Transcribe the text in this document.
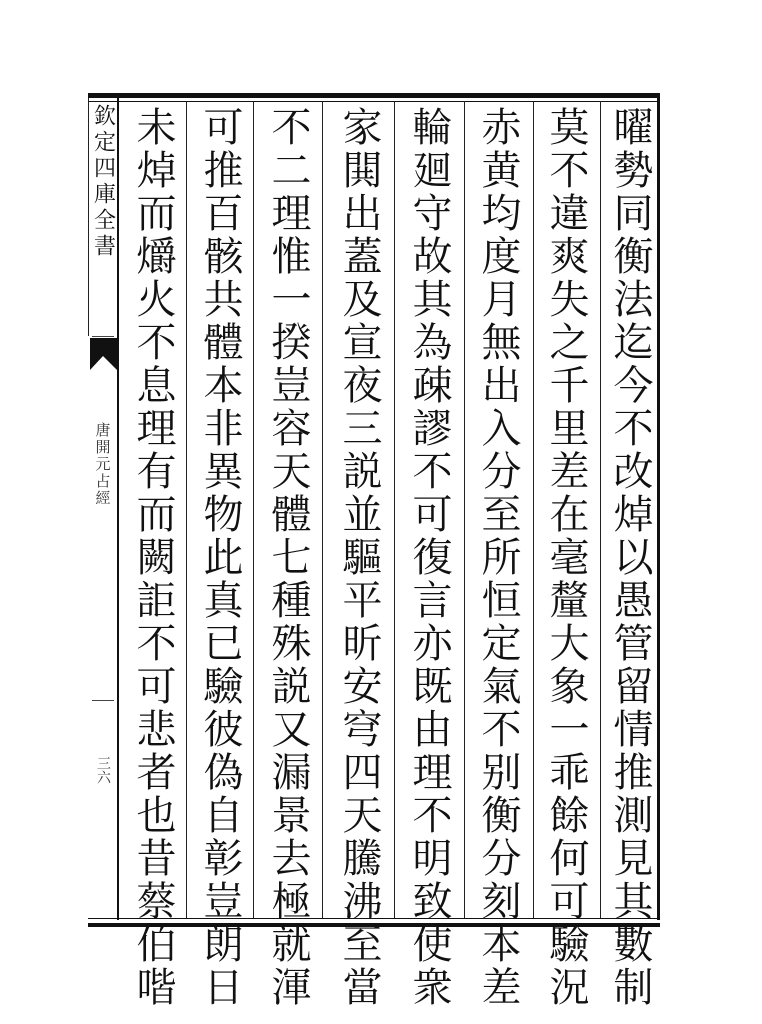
欽定四庫全書
唐開元占經
三六	曜勢同衡法迄今不改焯以愚管留情推測見其數制
莫不違爽失之千里差在毫釐大象一乖餘何可驗況
赤黄均度月無出入分至所恒定氣不别衡分刻本差
輪廻守故其為疎謬不可復言亦既由理不明致使衆
家閧出蓋及宣夜三説並驅平昕安穹四天騰沸至當
不二理惟一揆豈容天體七種殊説又漏景去極就渾
可推百骸共體本非異物此真已驗彼偽自彰豈朗日
未焯而爝火不息理有而闕詎不可悲者也昔蔡伯喈
